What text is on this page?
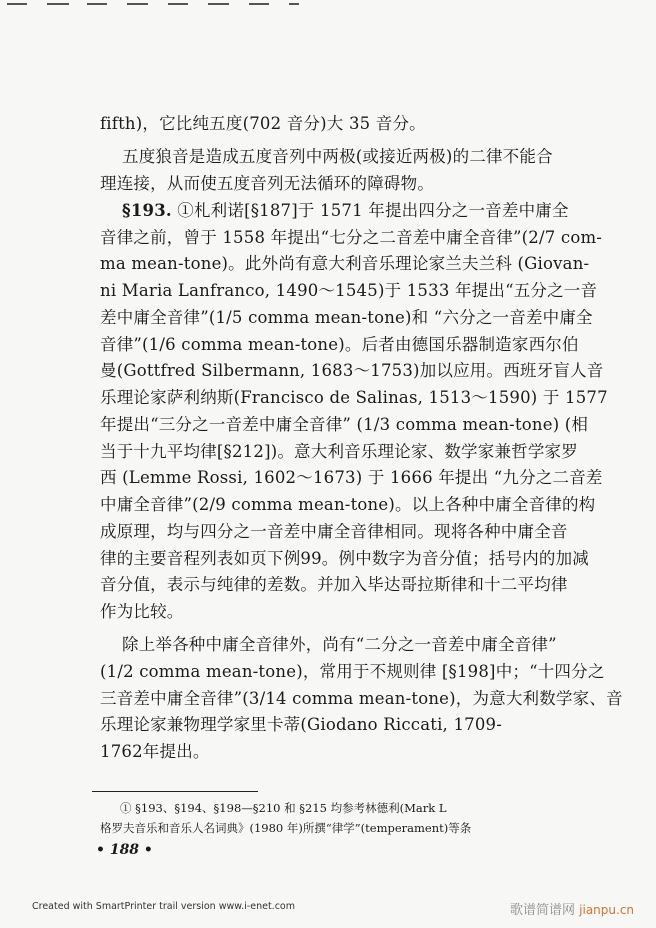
fifth)，它比纯五度(702 音分)大 35 音分。
五度狼音是造成五度音列中两极(或接近两极)的二律不能合
理连接，从而使五度音列无法循环的障碍物。
§193. ①札利诺[§187]于 1571 年提出四分之一音差中庸全
音律之前，曾于 1558 年提出“七分之二音差中庸全音律”(2/7 com-
ma mean-tone)。此外尚有意大利音乐理论家兰夫兰科 (Giovan-
ni Maria Lanfranco, 1490～1545)于 1533 年提出“五分之一音
差中庸全音律”(1/5 comma mean-tone)和 “六分之一音差中庸全
音律”(1/6 comma mean-tone)。后者由德国乐器制造家西尔伯
曼(Gottfred Silbermann, 1683～1753)加以应用。西班牙盲人音
乐理论家萨利纳斯(Francisco de Salinas, 1513～1590) 于 1577
年提出“三分之一音差中庸全音律” (1/3 comma mean-tone) (相
当于十九平均律[§212])。意大利音乐理论家、数学家兼哲学家罗
西 (Lemme Rossi, 1602～1673) 于 1666 年提出 “九分之二音差
中庸全音律”(2/9 comma mean-tone)。以上各种中庸全音律的构
成原理，均与四分之一音差中庸全音律相同。现将各种中庸全音
律的主要音程列表如页下例99。例中数字为音分值；括号内的加减
音分值，表示与纯律的差数。并加入毕达哥拉斯律和十二平均律
作为比较。
除上举各种中庸全音律外，尚有“二分之一音差中庸全音律”
(1/2 comma mean-tone)，常用于不规则律 [§198]中；“十四分之
三音差中庸全音律”(3/14 comma mean-tone)，为意大利数学家、音
乐理论家兼物理学家里卡蒂(Giodano Riccati, 1709-
1762年提出。
① §193、§194、§198—§210 和 §215 均参考林德利(Mark L
格罗夫音乐和音乐人名词典》(1980 年)所撰“律学”(temperament)等条
• 188 •
Created with SmartPrinter trail version www.i-enet.com	歌谱简谱网 jianpu.cn
